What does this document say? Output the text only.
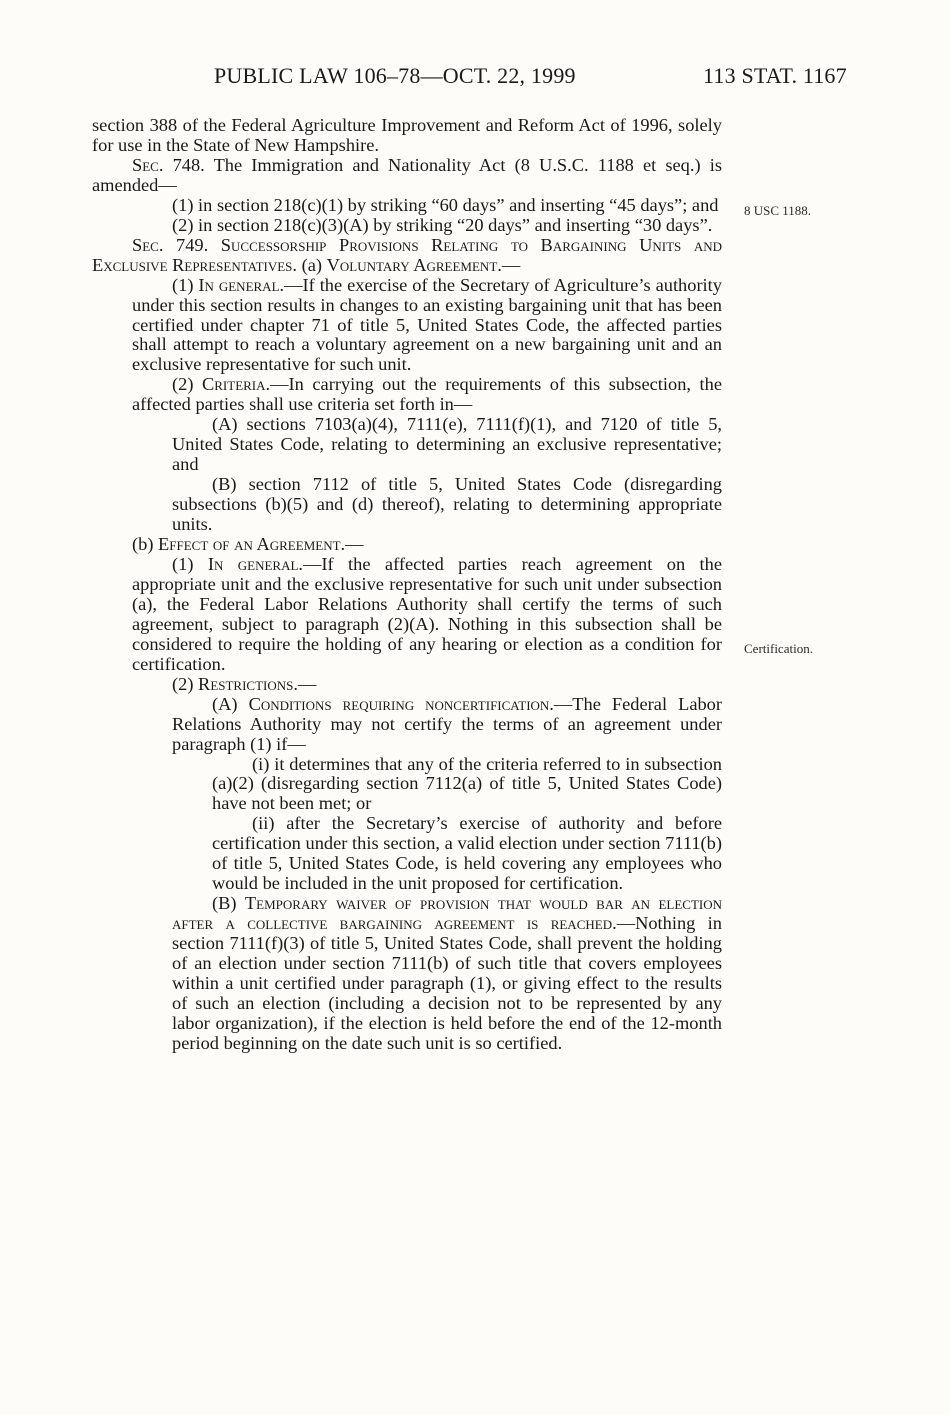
PUBLIC LAW 106–78—OCT. 22, 1999	113 STAT. 1167
8 USC 1188.
Certification.

section 388 of the Federal Agriculture Improvement and Reform Act of 1996, solely for use in the State of New Hampshire.

Sec. 748. The Immigration and Nationality Act (8 U.S.C. 1188 et seq.) is amended—

(1) in section 218(c)(1) by striking “60 days” and inserting “45 days”; and

(2) in section 218(c)(3)(A) by striking “20 days” and inserting “30 days”.

Sec. 749. Successorship Provisions Relating to Bargaining Units and Exclusive Representatives. (a) Voluntary Agreement.—

(1) In general.—If the exercise of the Secretary of Agriculture’s authority under this section results in changes to an existing bargaining unit that has been certified under chapter 71 of title 5, United States Code, the affected parties shall attempt to reach a voluntary agreement on a new bargaining unit and an exclusive representative for such unit.

(2) Criteria.—In carrying out the requirements of this subsection, the affected parties shall use criteria set forth in—

(A) sections 7103(a)(4), 7111(e), 7111(f)(1), and 7120 of title 5, United States Code, relating to determining an exclusive representative; and

(B) section 7112 of title 5, United States Code (disregarding subsections (b)(5) and (d) thereof), relating to determining appropriate units.

(b) Effect of an Agreement.—

(1) In general.—If the affected parties reach agreement on the appropriate unit and the exclusive representative for such unit under subsection (a), the Federal Labor Relations Authority shall certify the terms of such agreement, subject to paragraph (2)(A). Nothing in this subsection shall be considered to require the holding of any hearing or election as a condition for certification.

(2) Restrictions.—

(A) Conditions requiring noncertification.—The Federal Labor Relations Authority may not certify the terms of an agreement under paragraph (1) if—

(i) it determines that any of the criteria referred to in subsection (a)(2) (disregarding section 7112(a) of title 5, United States Code) have not been met; or

(ii) after the Secretary’s exercise of authority and before certification under this section, a valid election under section 7111(b) of title 5, United States Code, is held covering any employees who would be included in the unit proposed for certification.

(B) Temporary waiver of provision that would bar an election after a collective bargaining agreement is reached.—Nothing in section 7111(f)(3) of title 5, United States Code, shall prevent the holding of an election under section 7111(b) of such title that covers employees within a unit certified under paragraph (1), or giving effect to the results of such an election (including a decision not to be represented by any labor organization), if the election is held before the end of the 12-month period beginning on the date such unit is so certified.
